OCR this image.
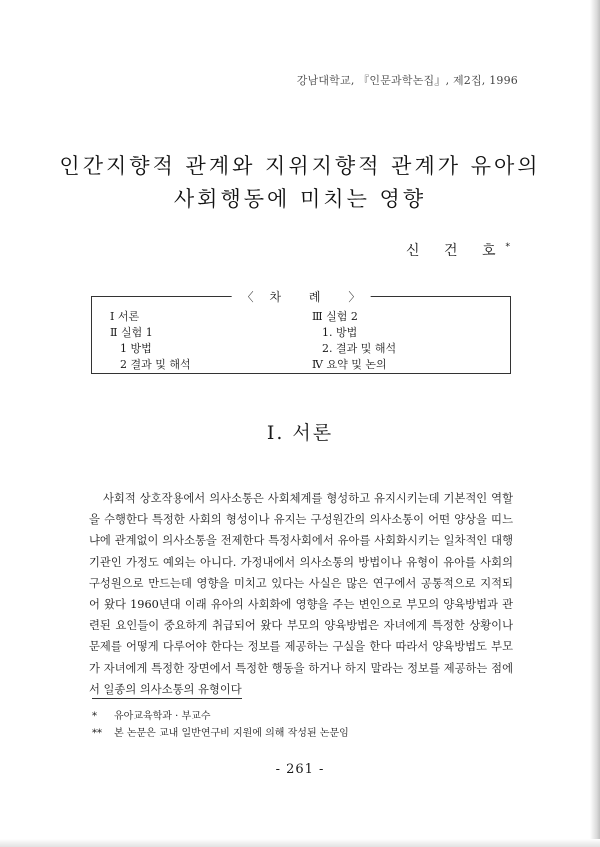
강남대학교, 『인문과학논집』, 제2집, 1996
인간지향적 관계와 지위지향적 관계가 유아의
사회행동에 미치는 영향
신 건 호*
〈 차 례 〉
Ⅰ 서론
Ⅱ 실험 1
1 방법
2 결과 및 해석
Ⅲ 실험 2
1. 방법
2. 결과 및 해석
Ⅳ 요약 및 논의
Ⅰ. 서론

사회적 상호작용에서 의사소통은 사회체계를 형성하고 유지시키는데 기본적인 역할을 수행한다 특정한 사회의 형성이나 유지는 구성원간의 의사소통이 어떤 양상을 띠느냐에 관계없이 의사소통을 전제한다 특정사회에서 유아를 사회화시키는 일차적인 대행기관인 가정도 예외는 아니다. 가정내에서 의사소통의 방법이나 유형이 유아를 사회의 구성원으로 만드는데 영향을 미치고 있다는 사실은 많은 연구에서 공통적으로 지적되어 왔다 1960년대 이래 유아의 사회화에 영향을 주는 변인으로 부모의 양육방법과 관련된 요인들이 중요하게 취급되어 왔다 부모의 양육방법은 자녀에게 특정한 상황이나 문제를 어떻게 다루어야 한다는 정보를 제공하는 구실을 한다 따라서 양육방법도 부모가 자녀에게 특정한 장면에서 특정한 행동을 하거나 하지 말라는 정보를 제공하는 점에서 일종의 의사소통의 유형이다

* 유아교육학과 · 부교수
** 본 논문은 교내 일반연구비 지원에 의해 작성된 논문임
- 261 -
